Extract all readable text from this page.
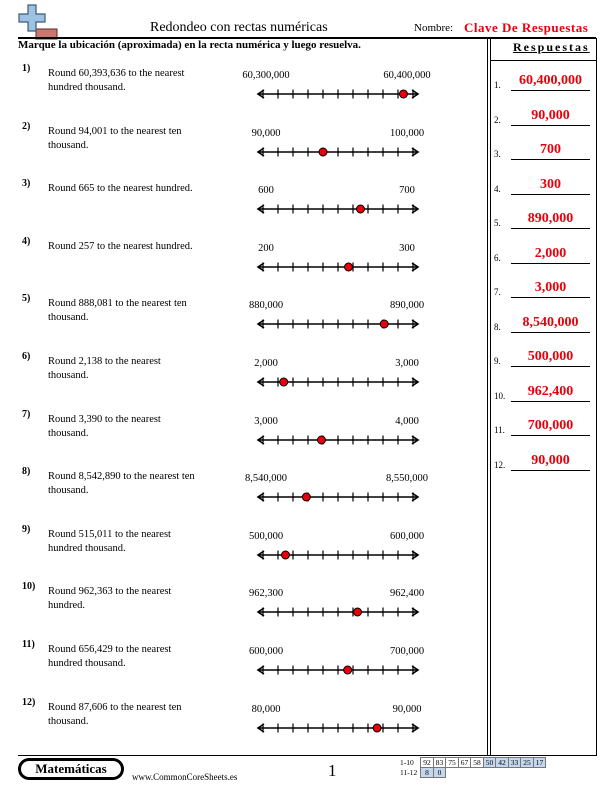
Redondeo con rectas numéricas	Nombre: Clave De Respuestas
Marque la ubicación (aproximada) en la recta numérica y luego resuelva.	Respuestas
1) Round 60,393,636 to the nearest hundred thousand.
60,300,000	60,400,000
2) Round 94,001 to the nearest ten thousand.
90,000	100,000
3) Round 665 to the nearest hundred.	600	700
4) Round 257 to the nearest hundred.	200	300
5) Round 888,081 to the nearest ten thousand.
880,000	890,000
6) Round 2,138 to the nearest thousand.
2,000	3,000
7) Round 3,390 to the nearest thousand.
3,000	4,000
8) Round 8,542,890 to the nearest ten thousand.
8,540,000	8,550,000
9) Round 515,011 to the nearest hundred thousand.
500,000	600,000
10) Round 962,363 to the nearest hundred.
962,300	962,400
11) Round 656,429 to the nearest hundred thousand.
600,000	700,000
12) Round 87,606 to the nearest ten thousand.
80,000	90,000
1.	60,400,000
2.	90,000
3.	700
4.	300
5.	890,000
6.	2,000
7.	3,000
8.	8,540,000
9.	500,000
10.	962,400
11.	700,000
12.	90,000
Matemáticas
www.CommonCoreSheets.es	1	1-10	92	83	75	67	58	50	42	33	25	17
11-12	8	0								
